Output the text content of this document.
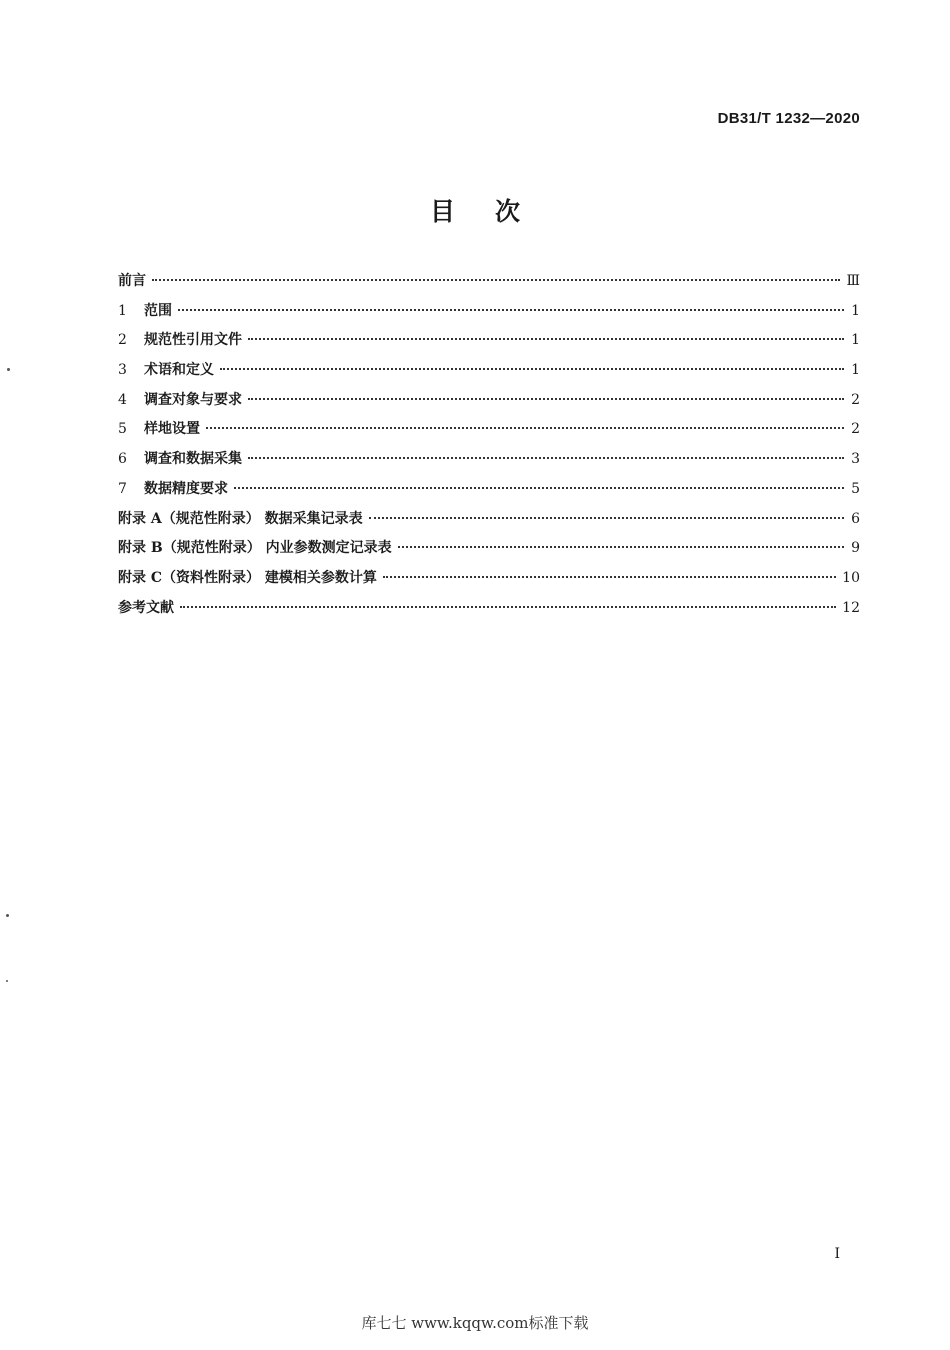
DB31/T 1232—2020
目次
前言	Ⅲ
1 范围	1
2 规范性引用文件	1
3 术语和定义	1
4 调查对象与要求	2
5 样地设置	2
6 调查和数据采集	3
7 数据精度要求	5
附录 A（规范性附录） 数据采集记录表	6
附录 B（规范性附录） 内业参数测定记录表	9
附录 C（资料性附录） 建模相关参数计算	10
参考文献	12
I
库七七 www.kqqw.com标准下载
